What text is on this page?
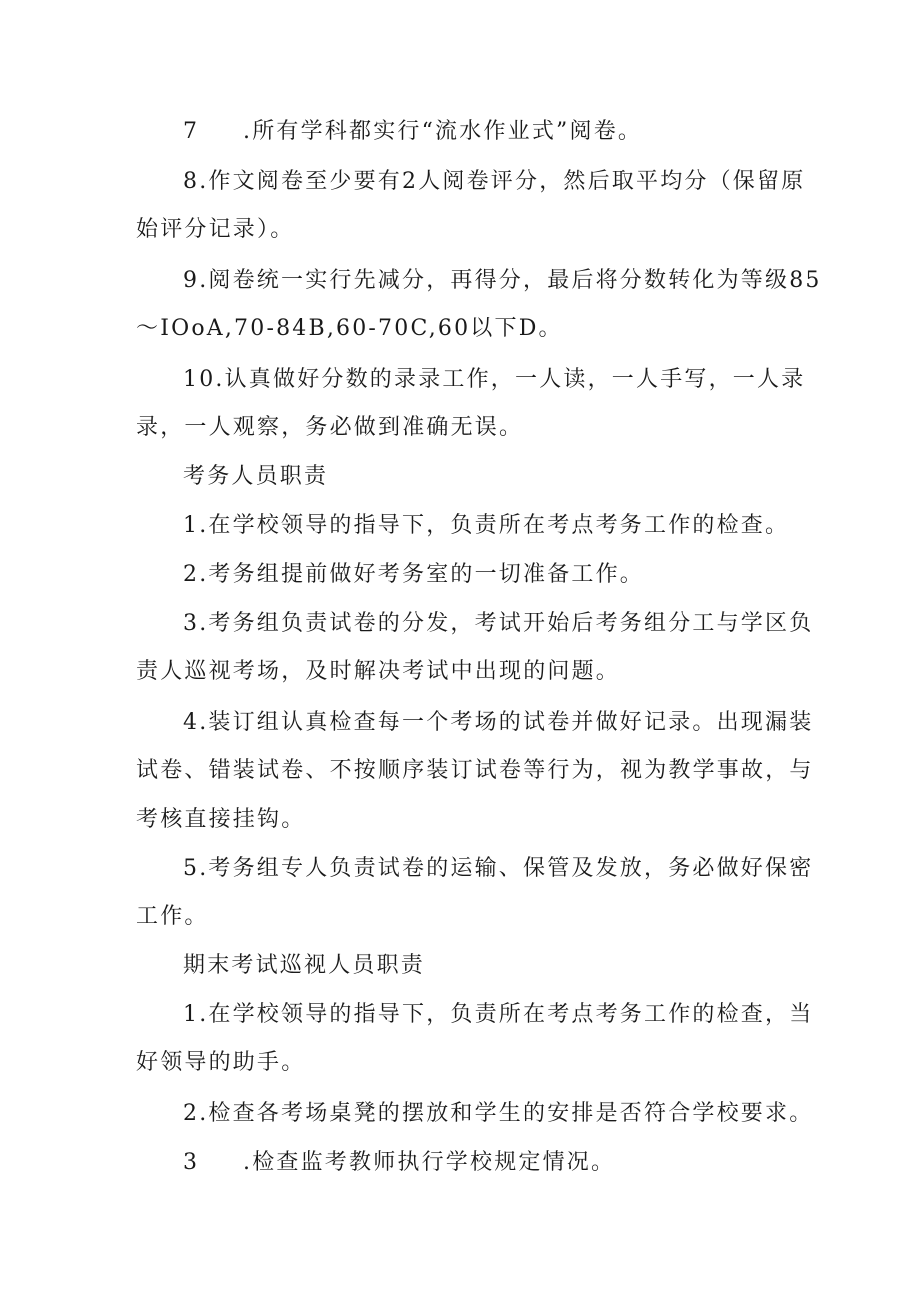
7 .所有学科都实行“流水作业式”阅卷。
8.作文阅卷至少要有2人阅卷评分，然后取平均分（保留原
始评分记录）。
9.阅卷统一实行先减分，再得分，最后将分数转化为等级85
～IOoA,70-84B,60-70C,60以下D。
10.认真做好分数的录录工作，一人读，一人手写，一人录
录，一人观察，务必做到准确无误。
考务人员职责
1.在学校领导的指导下，负责所在考点考务工作的检查。
2.考务组提前做好考务室的一切准备工作。
3.考务组负责试卷的分发，考试开始后考务组分工与学区负
责人巡视考场，及时解决考试中出现的问题。
4.装订组认真检查每一个考场的试卷并做好记录。出现漏装
试卷、错装试卷、不按顺序装订试卷等行为，视为教学事故，与
考核直接挂钩。
5.考务组专人负责试卷的运输、保管及发放，务必做好保密
工作。
期末考试巡视人员职责
1.在学校领导的指导下，负责所在考点考务工作的检查，当
好领导的助手。
2.检查各考场桌凳的摆放和学生的安排是否符合学校要求。
3 .检查监考教师执行学校规定情况。
